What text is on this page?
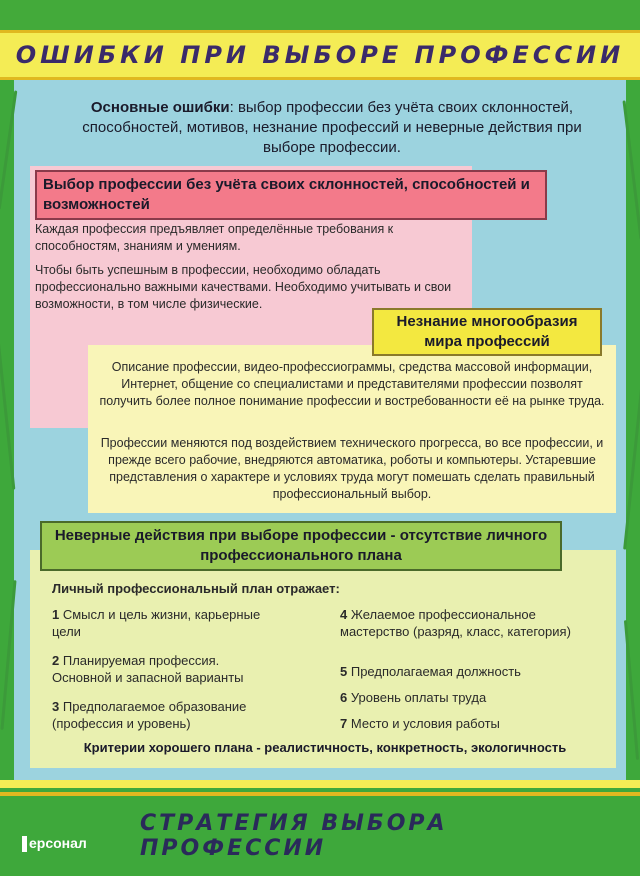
ОШИБКИ ПРИ ВЫБОРЕ ПРОФЕССИИ
Основные ошибки: выбор профессии без учёта своих склонностей, способностей, мотивов, незнание профессий и неверные действия при выборе профессии.
Выбор профессии без учёта своих склонностей, способностей и возможностей
Каждая профессия предъявляет определённые требования к способностям, знаниям и умениям.
Чтобы быть успешным в профессии, необходимо обладать профессионально важными качествами. Необходимо учитывать и свои возможности, в том числе физические.
Незнание многообразия мира профессий
Описание профессии, видео-профессиограммы, средства массовой информации, Интернет, общение со специалистами и представителями профессии позволят получить более полное понимание профессии и востребованности её на рынке труда.
Профессии меняются под воздействием технического прогресса, во все профессии, и прежде всего рабочие, внедряются автоматика, роботы и компьютеры. Устаревшие представления о характере и условиях труда могут помешать сделать правильный профессиональный выбор.
Неверные действия при выборе профессии - отсутствие личного профессионального плана
Личный профессиональный план отражает:
1 Смысл и цель жизни, карьерные цели
2 Планируемая профессия. Основной и запасной варианты
3 Предполагаемое образование (профессия и уровень)
4 Желаемое профессиональное мастерство (разряд, класс, категория)
5 Предполагаемая должность
6 Уровень оплаты труда
7 Место и условия работы
Критерии хорошего плана - реалистичность, конкретность, экологичность
ерсонал
СТРАТЕГИЯ ВЫБОРА ПРОФЕССИИ
